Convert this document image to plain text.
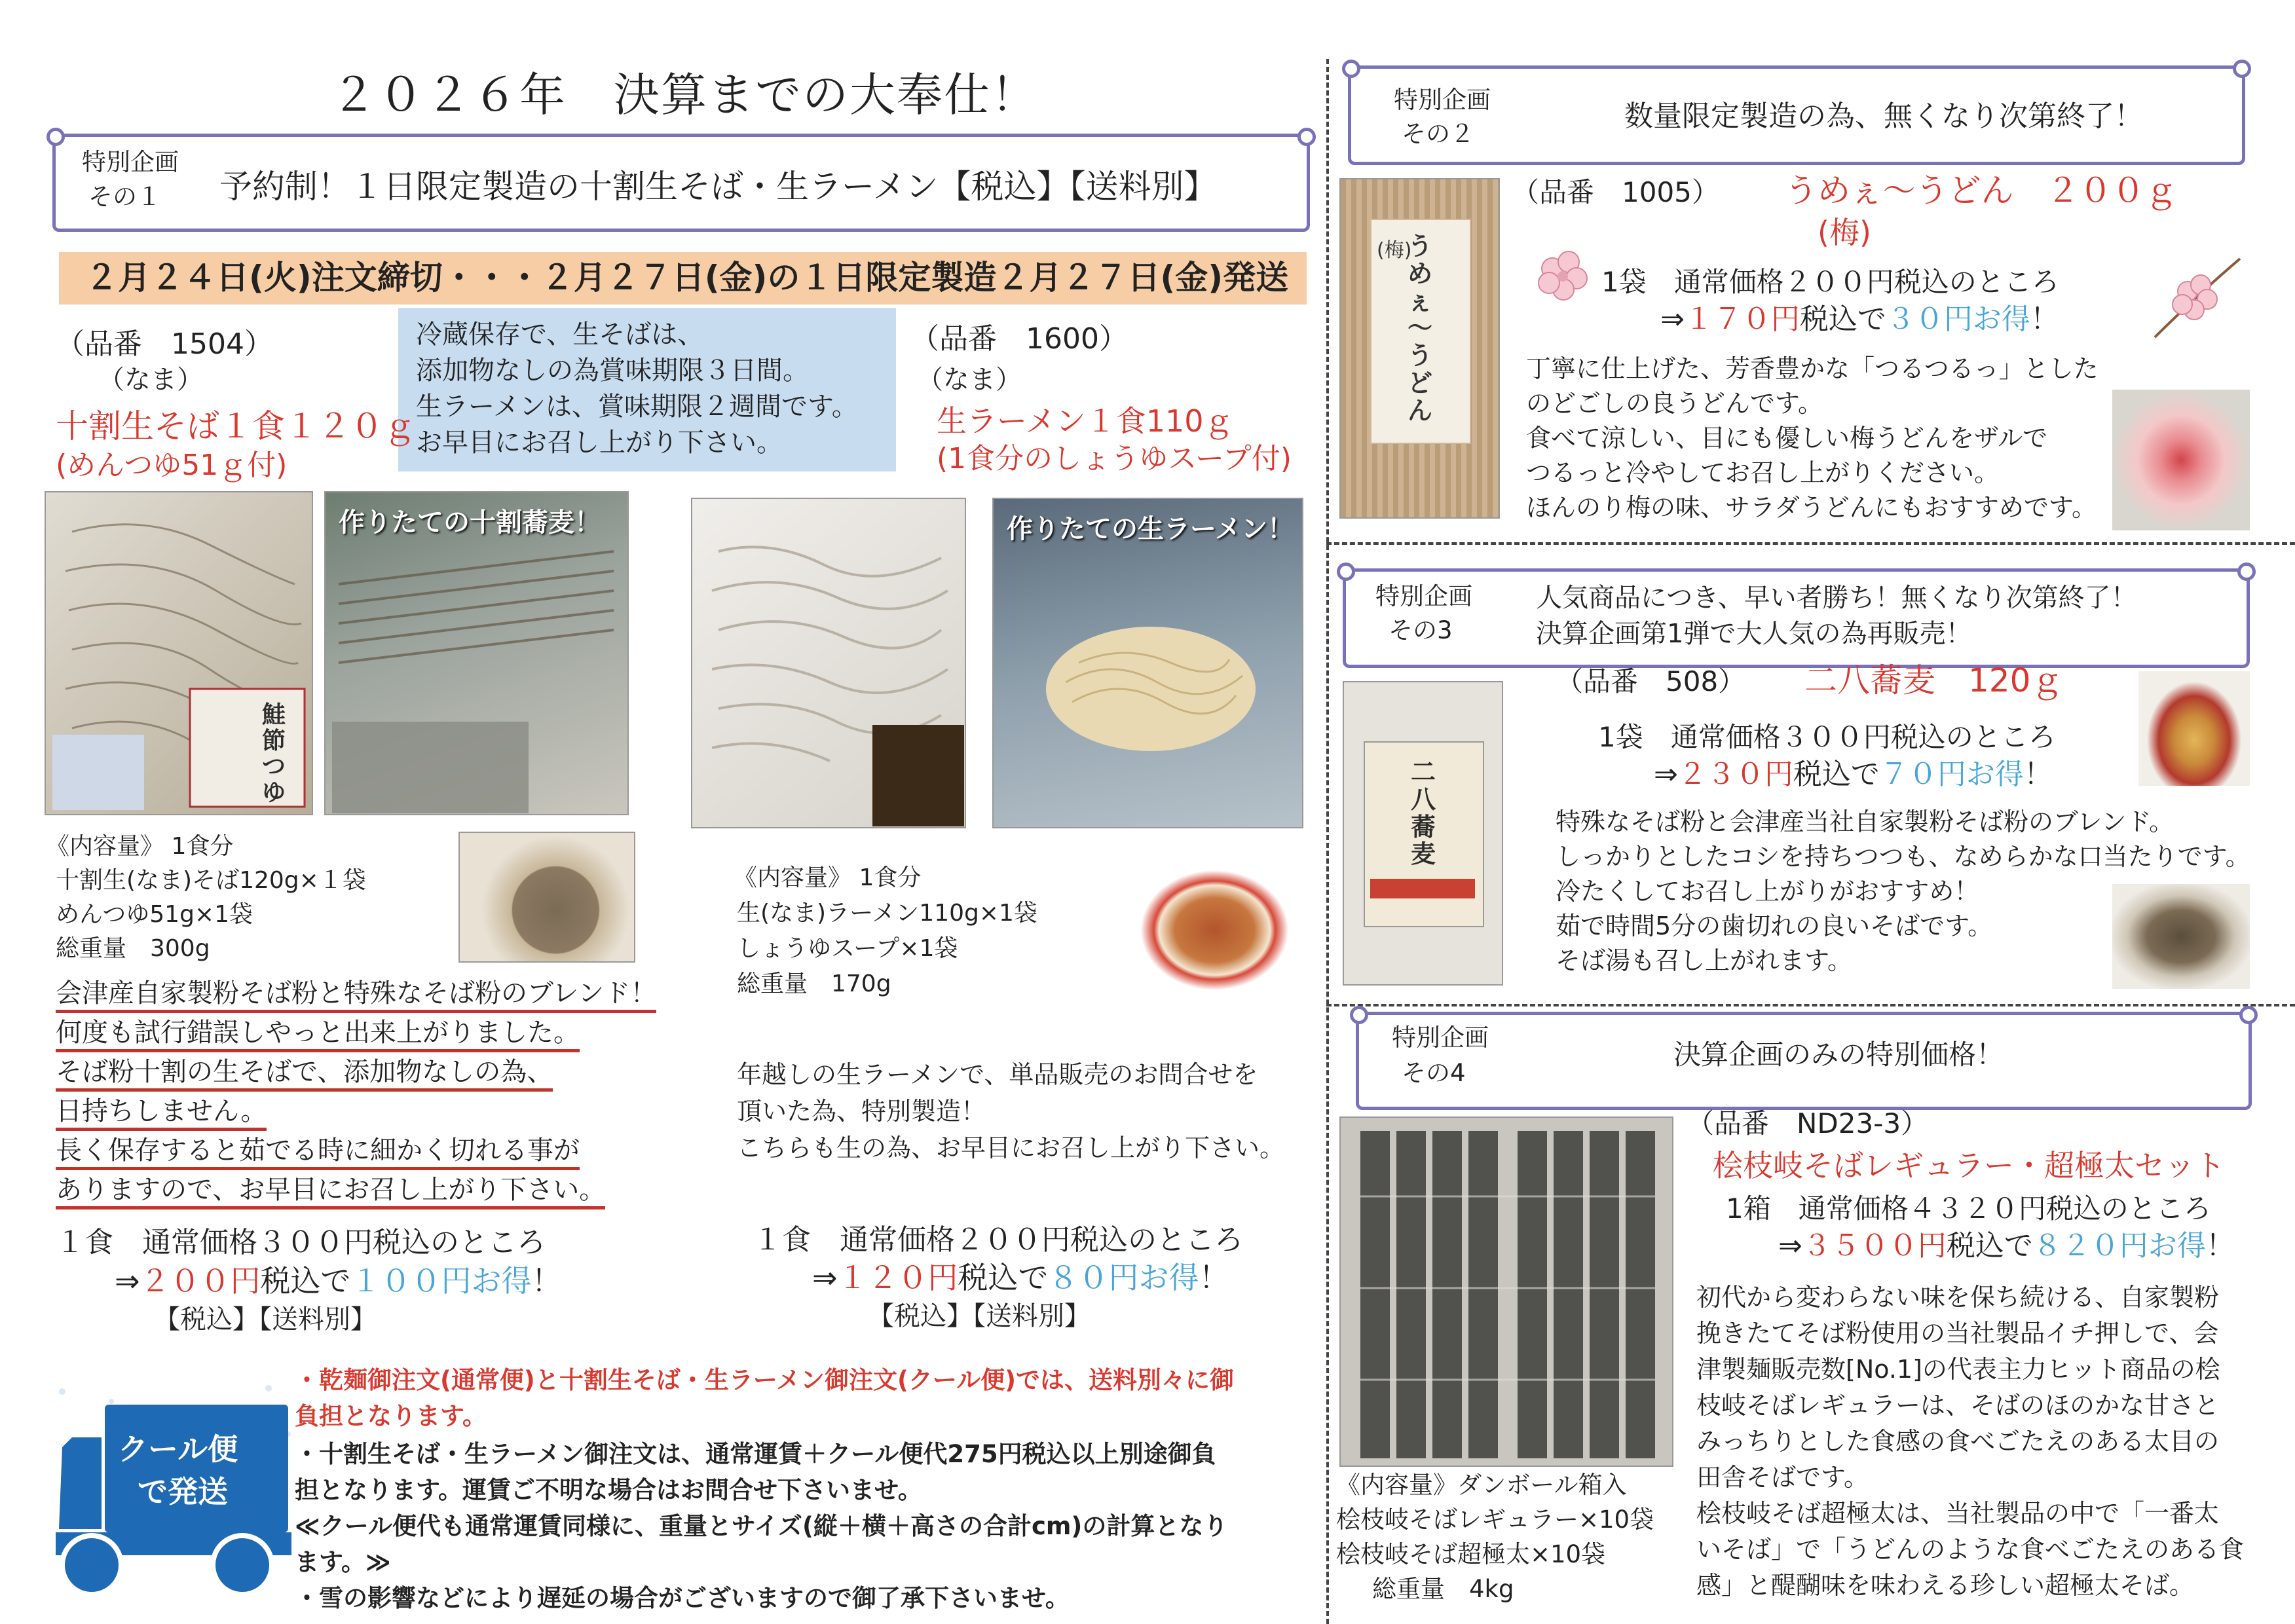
２０２６年　決算までの大奉仕！
特別企画
その１ 予約制！１日限定製造の十割生そば・生ラーメン【税込】【送料別】
２月２４日(火)注文締切・・・２月２７日(金)の１日限定製造２月２７日(金)発送
冷蔵保存で、生そばは、
添加物なしの為賞味期限３日間。
生ラーメンは、賞味期限２週間です。
お早目にお召し上がり下さい。
（品番　1504）
（なま）
十割生そば１食１２０ｇ
(めんつゆ51ｇ付)
（品番　1600）
（なま）
生ラーメン１食110ｇ
(1食分のしょうゆスープ付)
鮭節つゆ
作りたての十割蕎麦！	作りたての生ラーメン！
《内容量》 1食分
十割生(なま)そば120g×１袋
めんつゆ51g×1袋
総重量　300g
《内容量》 1食分
生(なま)ラーメン110g×1袋
しょうゆスープ×1袋
総重量　170g
会津産自家製粉そば粉と特殊なそば粉のブレンド！
何度も試行錯誤しやっと出来上がりました。
そば粉十割の生そばで、添加物なしの為、
日持ちしません。
長く保存すると茹でる時に細かく切れる事が
ありますので、お早目にお召し上がり下さい。
年越しの生ラーメンで、単品販売のお問合せを
頂いた為、特別製造！
こちらも生の為、お早目にお召し上がり下さい。
１食　通常価格３００円税込のところ
⇒２００円税込で１００円お得！
【税込】【送料別】
１食　通常価格２００円税込のところ
⇒１２０円税込で８０円お得！
【税込】【送料別】
クール便
で発送
・乾麺御注文(通常便)と十割生そば・生ラーメン御注文(クール便)では、送料別々に御
負担となります。
・十割生そば・生ラーメン御注文は、通常運賃＋クール便代275円税込以上別途御負
担となります。運賃ご不明な場合はお問合せ下さいませ。
≪クール便代も通常運賃同様に、重量とサイズ(縦＋横＋高さの合計cm)の計算となり
ます。≫
・雪の影響などにより遅延の場合がございますので御了承下さいませ。
特別企画
その２
数量限定製造の為、無くなり次第終了！
うめぇ～うどん
(梅)
（品番　1005） うめぇ～うどん　２００ｇ
(梅)
1袋　通常価格２００円税込のところ
⇒１７０円税込で３０円お得！
丁寧に仕上げた、芳香豊かな「つるつるっ」とした
のどごしの良うどんです。
食べて涼しい、目にも優しい梅うどんをザルで
つるっと冷やしてお召し上がりください。
ほんのり梅の味、サラダうどんにもおすすめです。
特別企画
その3
人気商品につき、早い者勝ち！無くなり次第終了！
決算企画第1弾で大人気の為再販売！
二八蕎麦
（品番　508） 二八蕎麦　120ｇ
1袋　通常価格３００円税込のところ
⇒２３０円税込で７０円お得！
特殊なそば粉と会津産当社自家製粉そば粉のブレンド。
しっかりとしたコシを持ちつつも、なめらかな口当たりです。
冷たくしてお召し上がりがおすすめ！
茹で時間5分の歯切れの良いそばです。
そば湯も召し上がれます。
特別企画
その4
決算企画のみの特別価格！
《内容量》ダンボール箱入
桧枝岐そばレギュラー×10袋
桧枝岐そば超極太×10袋
総重量　4kg
（品番　ND23-3）
桧枝岐そばレギュラー・超極太セット
1箱　通常価格４３２０円税込のところ
⇒３５００円税込で８２０円お得！
初代から変わらない味を保ち続ける、自家製粉
挽きたてそば粉使用の当社製品イチ押しで、会
津製麺販売数[No.1]の代表主力ヒット商品の桧
枝岐そばレギュラーは、そばのほのかな甘さと
みっちりとした食感の食べごたえのある太目の
田舎そばです。
桧枝岐そば超極太は、当社製品の中で「一番太
いそば」で「うどんのような食べごたえのある食
感」と醍醐味を味わえる珍しい超極太そば。
